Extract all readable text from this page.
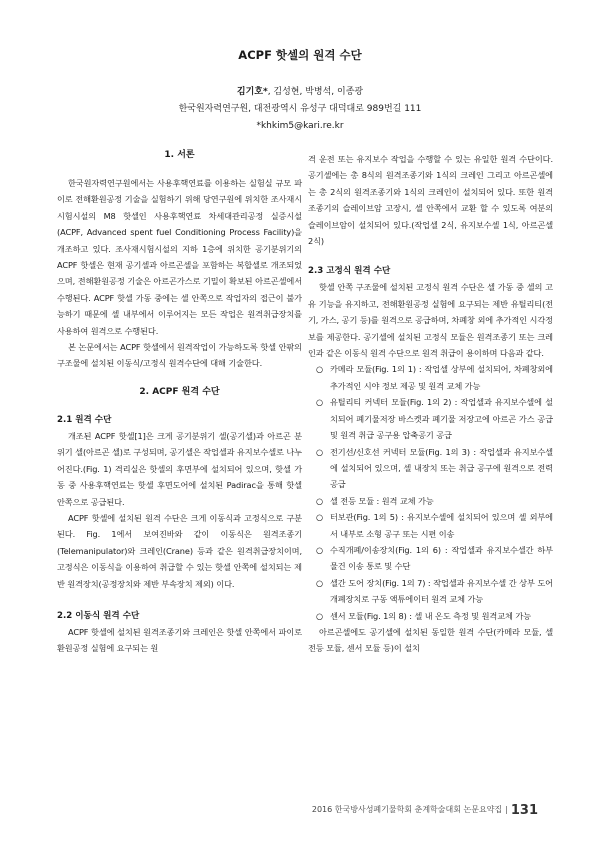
ACPF 핫셀의 원격 수단
김기호*, 김성현, 박병석, 이종광
한국원자력연구원, 대전광역시 유성구 대덕대로 989번길 111
*khkim5@kari.re.kr
1. 서론

한국원자력연구원에서는 사용후핵연료를 이용하는 실험실 규모 파이로 전해환원공정 기술을 실험하기 위해 당연구원에 위치한 조사재시시험시설의 M8 핫셀인 사용후핵연료 차세대관리공정 실증시설(ACPF, Advanced spent fuel Conditioning Process Facility)을 개조하고 있다. 조사재시험시설의 지하 1층에 위치한 공기분위기의 ACPF 핫셀은 현재 공기셀과 아르곤셀을 포함하는 복합셀로 개조되었으며, 전해환원공정 기술은 아르곤가스로 기밀이 확보된 아르곤셀에서 수행된다. ACPF 핫셀 가동 중에는 셀 안쪽으로 작업자의 접근이 불가능하기 때문에 셀 내부에서 이루어지는 모든 작업은 원격취급장치를 사용하여 원격으로 수행된다.

본 논문에서는 ACPF 핫셀에서 원격작업이 가능하도록 핫셀 안팎의 구조물에 설치된 이동식/고정식 원격수단에 대해 기술한다.

2. ACPF 원격 수단
2.1 원격 수단

개조된 ACPF 핫셀[1]은 크게 공기분위기 셀(공기셀)과 아르곤 분위기 셀(아르곤 셀)로 구성되며, 공기셀은 작업셀과 유지보수셀로 나누어진다.(Fig. 1) 격리실은 핫셀의 후면부에 설치되어 있으며, 핫셀 가동 중 사용후핵연료는 핫셀 후면도어에 설치된 Padirac을 통해 핫셀 안쪽으로 공급된다.

ACPF 핫셀에 설치된 원격 수단은 크게 이동식과 고정식으로 구분된다. Fig. 1에서 보여진바와 같이 이동식은 원격조종기(Telemanipulator)와 크레인(Crane) 등과 같은 원격취급장치이며, 고정식은 이동식을 이용하여 취급할 수 있는 핫셀 안쪽에 설치되는 제반 원격장치(공정장치와 제반 부속장치 제외) 이다.

2.2 이동식 원격 수단

ACPF 핫셀에 설치된 원격조종기와 크레인은 핫셀 안쪽에서 파이로 환원공정 실험에 요구되는 원

격 운전 또는 유지보수 작업을 수행할 수 있는 유일한 원격 수단이다. 공기셀에는 총 8식의 원격조종기와 1식의 크레인 그리고 아르곤셀에는 총 2식의 원격조종기와 1식의 크레인이 설치되어 있다. 또한 원격조종기의 슬레이브암 고장시, 셀 안쪽에서 교환 할 수 있도록 여분의 슬레이브암이 설치되어 있다.(작업셀 2식, 유지보수셀 1식, 아르곤셀 2식)

2.3 고정식 원격 수단

핫셀 안쪽 구조물에 설치된 고정식 원격 수단은 셀 가동 중 셀의 고유 기능을 유지하고, 전해환원공정 실험에 요구되는 제반 유틸리티(전기, 가스, 공기 등)를 원격으로 공급하며, 차폐창 외에 추가적인 시각정보를 제공한다. 공기셀에 설치된 고정식 모듈은 원격조종기 또는 크레인과 같은 이동식 원격 수단으로 원격 취급이 용이하며 다음과 같다.

○ 카메라 모듈(Fig. 1의 1) : 작업셀 상부에 설치되어, 차폐창외에 추가적인 시야 정보 제공 및 원격 교체 가능
○ 유틸리티 커넥터 모듈(Fig. 1의 2) : 작업셀과 유지보수셀에 설치되어 폐기물저장 바스켓과 폐기물 저장고에 아르곤 가스 공급 및 원격 취급 공구용 압축공기 공급
○ 전기선/신호선 커넥터 모듈(Fig. 1의 3) : 작업셀과 유지보수셀에 설치되어 있으며, 셀 내장치 또는 취급 공구에 원격으로 전력 공급
○ 셀 전등 모듈 : 원격 교체 가능
○ 터보관(Fig. 1의 5) : 유지보수셀에 설치되어 있으며 셀 외부에서 내부로 소형 공구 또는 시편 이송
○ 수직개폐/이송장치(Fig. 1의 6) : 작업셀과 유지보수셀간 하부 물건 이송 통로 및 수단
○ 셀간 도어 장치(Fig. 1의 7) : 작업셀과 유지보수셀 간 상부 도어 개폐장치로 구동 액튜에이터 원격 교체 가능
○ 센서 모듈(Fig. 1의 8) : 셀 내 온도 측정 및 원격교체 가능

아르곤셀에도 공기셀에 설치된 동일한 원격 수단(카메라 모듈, 셀 전등 모듈, 센서 모듈 등)이 설치

2016 한국방사성폐기물학회 춘계학술대회 논문요약집 | 131
